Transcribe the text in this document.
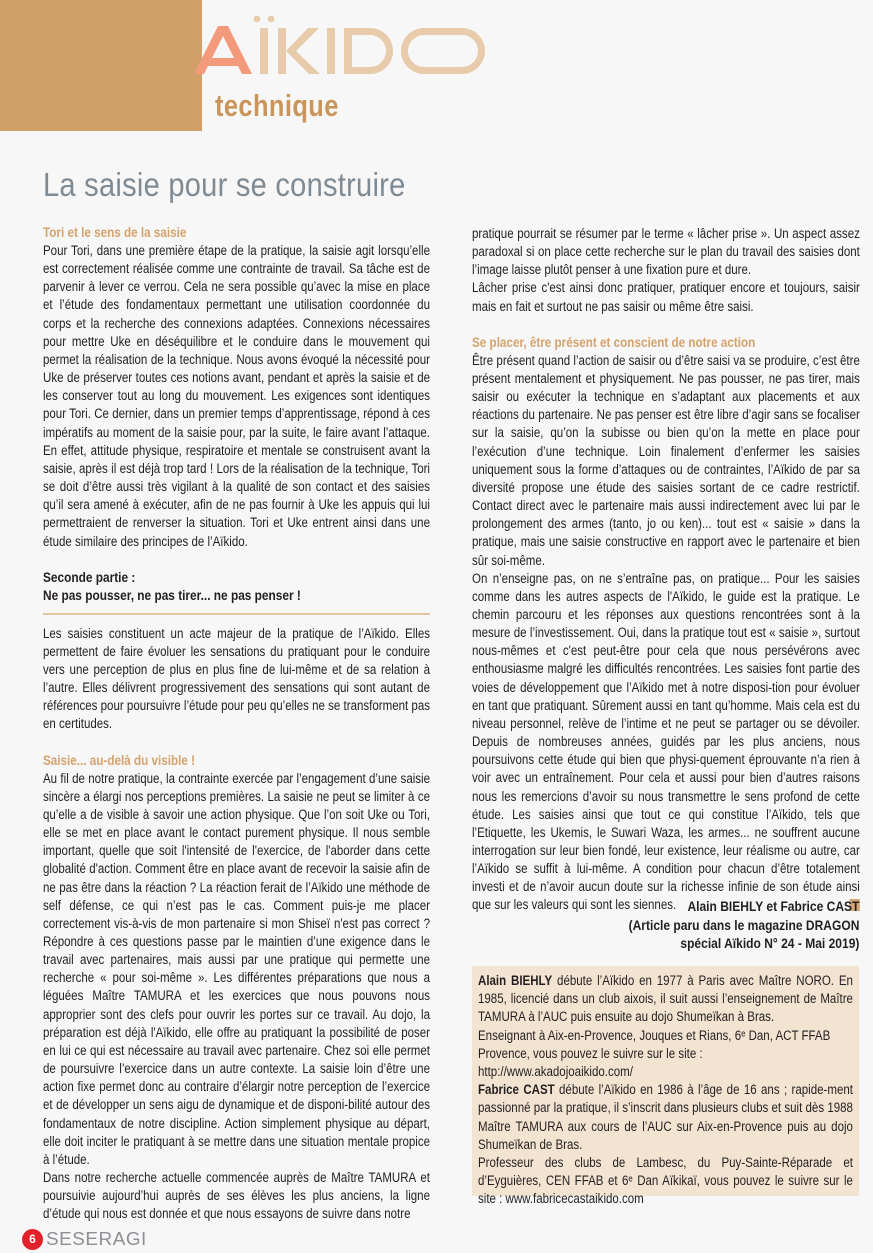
technique
La saisie pour se construire
Tori et le sens de la saisie

Pour Tori, dans une première étape de la pratique, la saisie agit lorsqu’elle est correctement réalisée comme une contrainte de travail. Sa tâche est de parvenir à lever ce verrou. Cela ne sera possible qu’avec la mise en place et l’étude des fondamentaux permettant une utilisation coordonnée du corps et la recherche des connexions adaptées. Connexions nécessaires pour mettre Uke en déséquilibre et le conduire dans le mouvement qui permet la réalisation de la technique. Nous avons évoqué la nécessité pour Uke de préserver toutes ces notions avant, pendant et après la saisie et de les conserver tout au long du mouvement. Les exigences sont identiques pour Tori. Ce dernier, dans un premier temps d’apprentissage, répond à ces impératifs au moment de la saisie pour, par la suite, le faire avant l’attaque. En effet, attitude physique, respiratoire et mentale se construisent avant la saisie, après il est déjà trop tard ! Lors de la réalisation de la technique, Tori se doit d’être aussi très vigilant à la qualité de son contact et des saisies qu’il sera amené à exécuter, afin de ne pas fournir à Uke les appuis qui lui permettraient de renverser la situation. Tori et Uke entrent ainsi dans une étude similaire des principes de l’Aïkido.

Seconde partie :
Ne pas pousser, ne pas tirer... ne pas penser !

Les saisies constituent un acte majeur de la pratique de l’Aïkido. Elles permettent de faire évoluer les sensations du pratiquant pour le conduire vers une perception de plus en plus fine de lui-même et de sa relation à l’autre. Elles délivrent progressivement des sensations qui sont autant de références pour poursuivre l’étude pour peu qu’elles ne se transforment pas en certitudes.

Saisie... au-delà du visible !

Au fil de notre pratique, la contrainte exercée par l’engagement d’une saisie sincère a élargi nos perceptions premières. La saisie ne peut se limiter à ce qu’elle a de visible à savoir une action physique. Que l’on soit Uke ou Tori, elle se met en place avant le contact purement physique. Il nous semble important, quelle que soit l'intensité de l'exercice, de l'aborder dans cette globalité d'action. Comment être en place avant de recevoir la saisie afin de ne pas être dans la réaction ? La réaction ferait de l’Aïkido une méthode de self défense, ce qui n’est pas le cas. Comment puis-je me placer correctement vis-à-vis de mon partenaire si mon Shiseï n'est pas correct ? Répondre à ces questions passe par le maintien d’une exigence dans le travail avec partenaires, mais aussi par une pratique qui permette une recherche « pour soi-même ». Les différentes préparations que nous a léguées Maître TAMURA et les exercices que nous pouvons nous approprier sont des clefs pour ouvrir les portes sur ce travail. Au dojo, la préparation est déjà l'Aïkido, elle offre au pratiquant la possibilité de poser en lui ce qui est nécessaire au travail avec partenaire. Chez soi elle permet de poursuivre l’exercice dans un autre contexte. La saisie loin d’être une action fixe permet donc au contraire d’élargir notre perception de l’exercice et de développer un sens aigu de dynamique et de disponi-bilité autour des fondamentaux de notre discipline. Action simplement physique au départ, elle doit inciter le pratiquant à se mettre dans une situation mentale propice à l’étude.

Dans notre recherche actuelle commencée auprès de Maître TAMURA et poursuivie aujourd’hui auprès de ses élèves les plus anciens, la ligne d’étude qui nous est donnée et que nous essayons de suivre dans notre

pratique pourrait se résumer par le terme « lâcher prise ». Un aspect assez paradoxal si on place cette recherche sur le plan du travail des saisies dont l’image laisse plutôt penser à une fixation pure et dure.

Lâcher prise c'est ainsi donc pratiquer, pratiquer encore et toujours, saisir mais en fait et surtout ne pas saisir ou même être saisi.

Se placer, être présent et conscient de notre action

Être présent quand l’action de saisir ou d’être saisi va se produire, c’est être présent mentalement et physiquement. Ne pas pousser, ne pas tirer, mais saisir ou exécuter la technique en s’adaptant aux placements et aux réactions du partenaire. Ne pas penser est être libre d’agir sans se focaliser sur la saisie, qu’on la subisse ou bien qu’on la mette en place pour l’exécution d’une technique. Loin finalement d’enfermer les saisies uniquement sous la forme d’attaques ou de contraintes, l’Aïkido de par sa diversité propose une étude des saisies sortant de ce cadre restrictif. Contact direct avec le partenaire mais aussi indirectement avec lui par le prolongement des armes (tanto, jo ou ken)... tout est « saisie » dans la pratique, mais une saisie constructive en rapport avec le partenaire et bien sûr soi-même.

On n’enseigne pas, on ne s’entraîne pas, on pratique... Pour les saisies comme dans les autres aspects de l'Aïkido, le guide est la pratique. Le chemin parcouru et les réponses aux questions rencontrées sont à la mesure de l’investissement. Oui, dans la pratique tout est « saisie », surtout nous-mêmes et c'est peut-être pour cela que nous persévérons avec enthousiasme malgré les difficultés rencontrées. Les saisies font partie des voies de développement que l’Aïkido met à notre disposi-tion pour évoluer en tant que pratiquant. Sûrement aussi en tant qu’homme. Mais cela est du niveau personnel, relève de l’intime et ne peut se partager ou se dévoiler. Depuis de nombreuses années, guidés par les plus anciens, nous poursuivons cette étude qui bien que physi-quement éprouvante n’a rien à voir avec un entraînement. Pour cela et aussi pour bien d’autres raisons nous les remercions d’avoir su nous transmettre le sens profond de cette étude. Les saisies ainsi que tout ce qui constitue l’Aïkido, tels que l’Etiquette, les Ukemis, le Suwari Waza, les armes... ne souffrent aucune interrogation sur leur bien fondé, leur existence, leur réalisme ou autre, car l’Aïkido se suffit à lui-même. A condition pour chacun d’être totalement investi et de n’avoir aucun doute sur la richesse infinie de son étude ainsi que sur les valeurs qui sont les siennes. Alain BIEHLY et Fabrice CAST
(Article paru dans le magazine DRAGON
spécial Aïkido N° 24 - Mai 2019)

Alain BIEHLY débute l’Aïkido en 1977 à Paris avec Maître NORO. En 1985, licencié dans un club aixois, il suit aussi l’enseignement de Maître TAMURA à l’AUC puis ensuite au dojo Shumeïkan à Bras.

Enseignant à Aix-en-Provence, Jouques et Rians, 6ᵉ Dan, ACT FFAB Provence, vous pouvez le suivre sur le site :

http://www.akadojoaikido.com/

Fabrice CAST débute l’Aïkido en 1986 à l’âge de 16 ans ; rapide-ment passionné par la pratique, il s’inscrit dans plusieurs clubs et suit dès 1988 Maître TAMURA aux cours de l’AUC sur Aix-en-Provence puis au dojo Shumeïkan de Bras.

Professeur des clubs de Lambesc, du Puy-Sainte-Réparade et d’Eyguières, CEN FFAB et 6ᵉ Dan Aïkikaï, vous pouvez le suivre sur le site : www.fabricecastaikido.com

6 SESERAGI
